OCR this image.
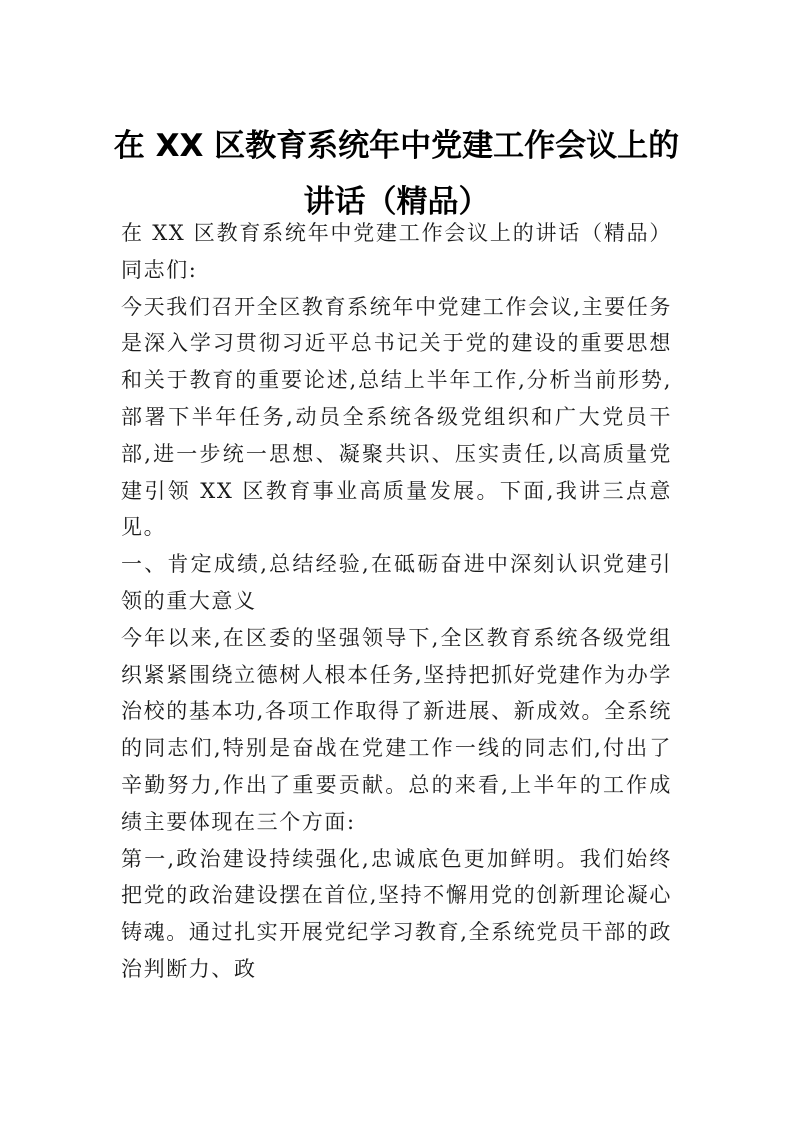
在 XX 区教育系统年中党建工作会议上的讲话（精品）

在 XX 区教育系统年中党建工作会议上的讲话（精品）同志们:

今天我们召开全区教育系统年中党建工作会议,主要任务是深入学习贯彻习近平总书记关于党的建设的重要思想和关于教育的重要论述,总结上半年工作,分析当前形势,部署下半年任务,动员全系统各级党组织和广大党员干部,进一步统一思想、凝聚共识、压实责任,以高质量党建引领 XX 区教育事业高质量发展。下面,我讲三点意见。

一、肯定成绩,总结经验,在砥砺奋进中深刻认识党建引领的重大意义

今年以来,在区委的坚强领导下,全区教育系统各级党组织紧紧围绕立德树人根本任务,坚持把抓好党建作为办学治校的基本功,各项工作取得了新进展、新成效。全系统的同志们,特别是奋战在党建工作一线的同志们,付出了辛勤努力,作出了重要贡献。总的来看,上半年的工作成绩主要体现在三个方面:

第一,政治建设持续强化,忠诚底色更加鲜明。我们始终把党的政治建设摆在首位,坚持不懈用党的创新理论凝心铸魂。通过扎实开展党纪学习教育,全系统党员干部的政治判断力、政
